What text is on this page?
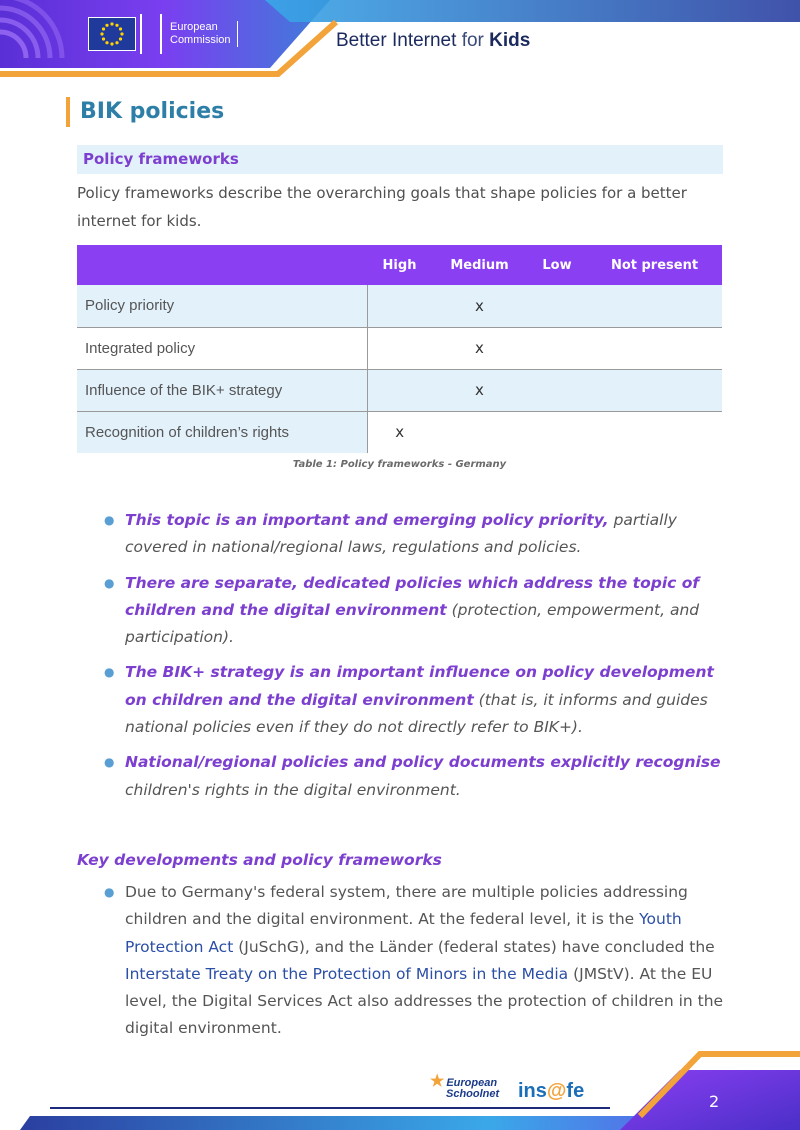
European
Commission	Better Internet for Kids
BIK policies
Policy frameworks

Policy frameworks describe the overarching goals that shape policies for a better internet for kids.

	High	Medium	Low	Not present
Policy priority		x		
Integrated policy		x		
Influence of the BIK+ strategy		x		
Recognition of children’s rights	x			
Table 1: Policy frameworks - Germany
● This topic is an important and emerging policy priority, partially covered in national/regional laws, regulations and policies.
● There are separate, dedicated policies which address the topic of children and the digital environment (protection, empowerment, and participation).
● The BIK+ strategy is an important influence on policy development on children and the digital environment (that is, it informs and guides national policies even if they do not directly refer to BIK+).
● National/regional policies and policy documents explicitly recognise children's rights in the digital environment.
Key developments and policy frameworks
● Due to Germany's federal system, there are multiple policies addressing children and the digital environment. At the federal level, it is the Youth Protection Act (JuSchG), and the Länder (federal states) have concluded the Interstate Treaty on the Protection of Minors in the Media (JMStV). At the EU level, the Digital Services Act also addresses the protection of children in the digital environment.
★ European
Schoolnet ins@fe	2
